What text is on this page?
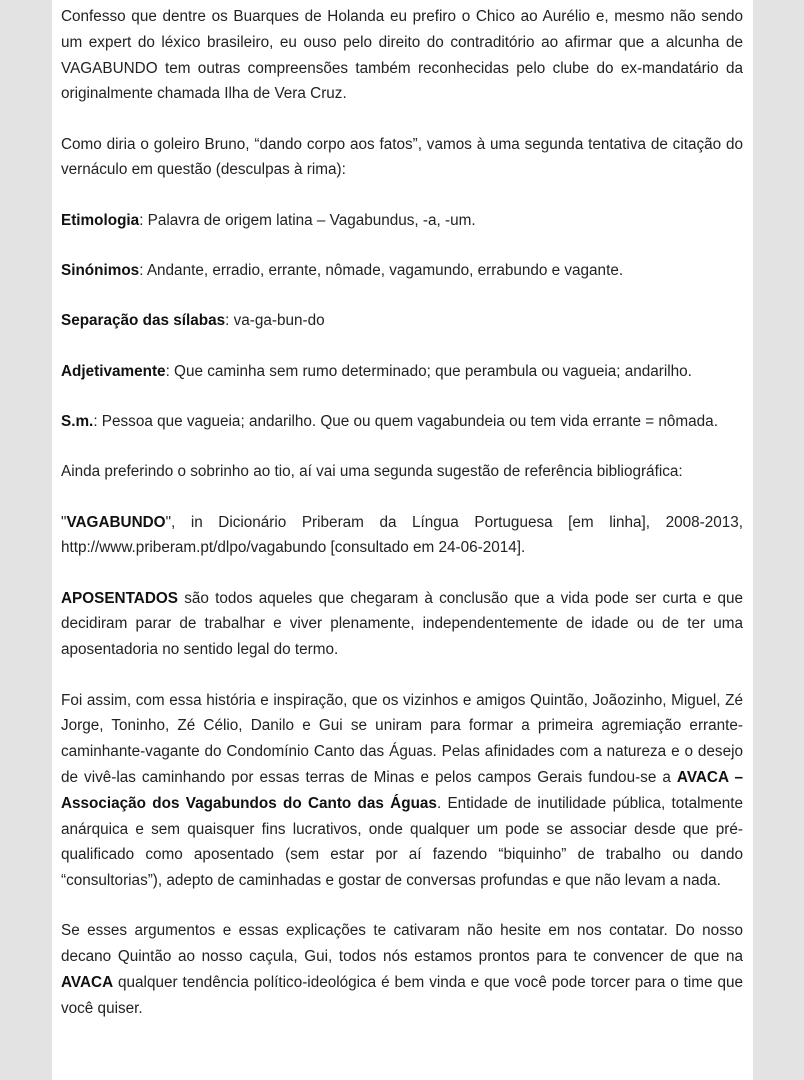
Confesso que dentre os Buarques de Holanda eu prefiro o Chico ao Aurélio e, mesmo não sendo um expert do léxico brasileiro, eu ouso pelo direito do contraditório ao afirmar que a alcunha de VAGABUNDO tem outras compreensões também reconhecidas pelo clube do ex-mandatário da originalmente chamada Ilha de Vera Cruz.

Como diria o goleiro Bruno, “dando corpo aos fatos”, vamos à uma segunda tentativa de citação do vernáculo em questão (desculpas à rima):

Etimologia: Palavra de origem latina – Vagabundus, -a, -um.

Sinónimos: Andante, erradio, errante, nômade, vagamundo, errabundo e vagante.

Separação das sílabas: va-ga-bun-do

Adjetivamente: Que caminha sem rumo determinado; que perambula ou vagueia; andarilho.

S.m.: Pessoa que vagueia; andarilho. Que ou quem vagabundeia ou tem vida errante = nômada.

Ainda preferindo o sobrinho ao tio, aí vai uma segunda sugestão de referência bibliográfica:

"VAGABUNDO", in Dicionário Priberam da Língua Portuguesa [em linha], 2008-2013, http://www.priberam.pt/dlpo/vagabundo [consultado em 24-06-2014].

APOSENTADOS são todos aqueles que chegaram à conclusão que a vida pode ser curta e que decidiram parar de trabalhar e viver plenamente, independentemente de idade ou de ter uma aposentadoria no sentido legal do termo.

Foi assim, com essa história e inspiração, que os vizinhos e amigos Quintão, Joãozinho, Miguel, Zé Jorge, Toninho, Zé Célio, Danilo e Gui se uniram para formar a primeira agremiação errante-caminhante-vagante do Condomínio Canto das Águas. Pelas afinidades com a natureza e o desejo de vivê-las caminhando por essas terras de Minas e pelos campos Gerais fundou-se a AVACA – Associação dos Vagabundos do Canto das Águas. Entidade de inutilidade pública, totalmente anárquica e sem quaisquer fins lucrativos, onde qualquer um pode se associar desde que pré-qualificado como aposentado (sem estar por aí fazendo “biquinho” de trabalho ou dando “consultorias”), adepto de caminhadas e gostar de conversas profundas e que não levam a nada.

Se esses argumentos e essas explicações te cativaram não hesite em nos contatar. Do nosso decano Quintão ao nosso caçula, Gui, todos nós estamos prontos para te convencer de que na AVACA qualquer tendência político-ideológica é bem vinda e que você pode torcer para o time que você quiser.
